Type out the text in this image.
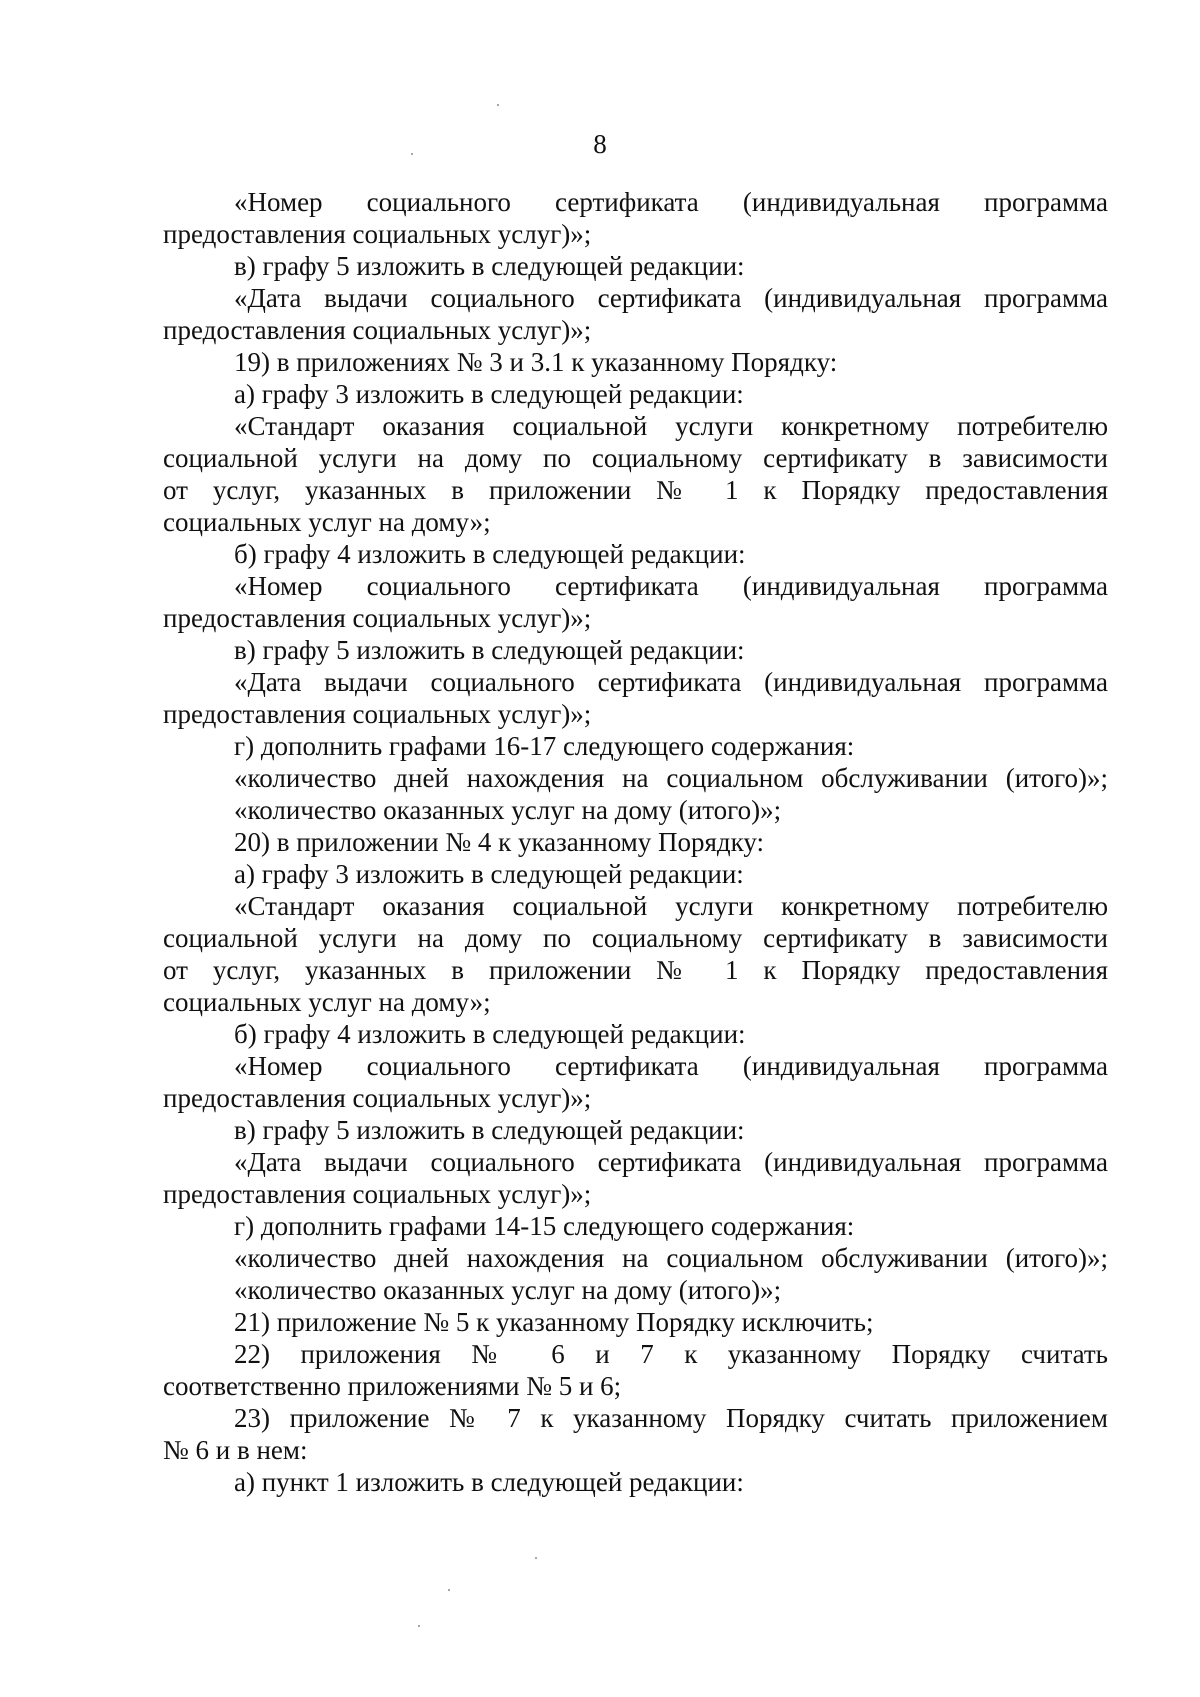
8

«Номер социального сертификата (индивидуальная программа

предоставления социальных услуг)»;

в) графу 5 изложить в следующей редакции:

«Дата выдачи социального сертификата (индивидуальная программа

предоставления социальных услуг)»;

19) в приложениях № 3 и 3.1 к указанному Порядку:

а) графу 3 изложить в следующей редакции:

«Стандарт оказания социальной услуги конкретному потребителю

социальной услуги на дому по социальному сертификату в зависимости

от услуг, указанных в приложении № 1 к Порядку предоставления

социальных услуг на дому»;

б) графу 4 изложить в следующей редакции:

«Номер социального сертификата (индивидуальная программа

предоставления социальных услуг)»;

в) графу 5 изложить в следующей редакции:

«Дата выдачи социального сертификата (индивидуальная программа

предоставления социальных услуг)»;

г) дополнить графами 16-17 следующего содержания:

«количество дней нахождения на социальном обслуживании (итого)»;

«количество оказанных услуг на дому (итого)»;

20) в приложении № 4 к указанному Порядку:

а) графу 3 изложить в следующей редакции:

«Стандарт оказания социальной услуги конкретному потребителю

социальной услуги на дому по социальному сертификату в зависимости

от услуг, указанных в приложении № 1 к Порядку предоставления

социальных услуг на дому»;

б) графу 4 изложить в следующей редакции:

«Номер социального сертификата (индивидуальная программа

предоставления социальных услуг)»;

в) графу 5 изложить в следующей редакции:

«Дата выдачи социального сертификата (индивидуальная программа

предоставления социальных услуг)»;

г) дополнить графами 14-15 следующего содержания:

«количество дней нахождения на социальном обслуживании (итого)»;

«количество оказанных услуг на дому (итого)»;

21) приложение № 5 к указанному Порядку исключить;

22) приложения № 6 и 7 к указанному Порядку считать

соответственно приложениями № 5 и 6;

23) приложение № 7 к указанному Порядку считать приложением

№ 6 и в нем:

а) пункт 1 изложить в следующей редакции:
